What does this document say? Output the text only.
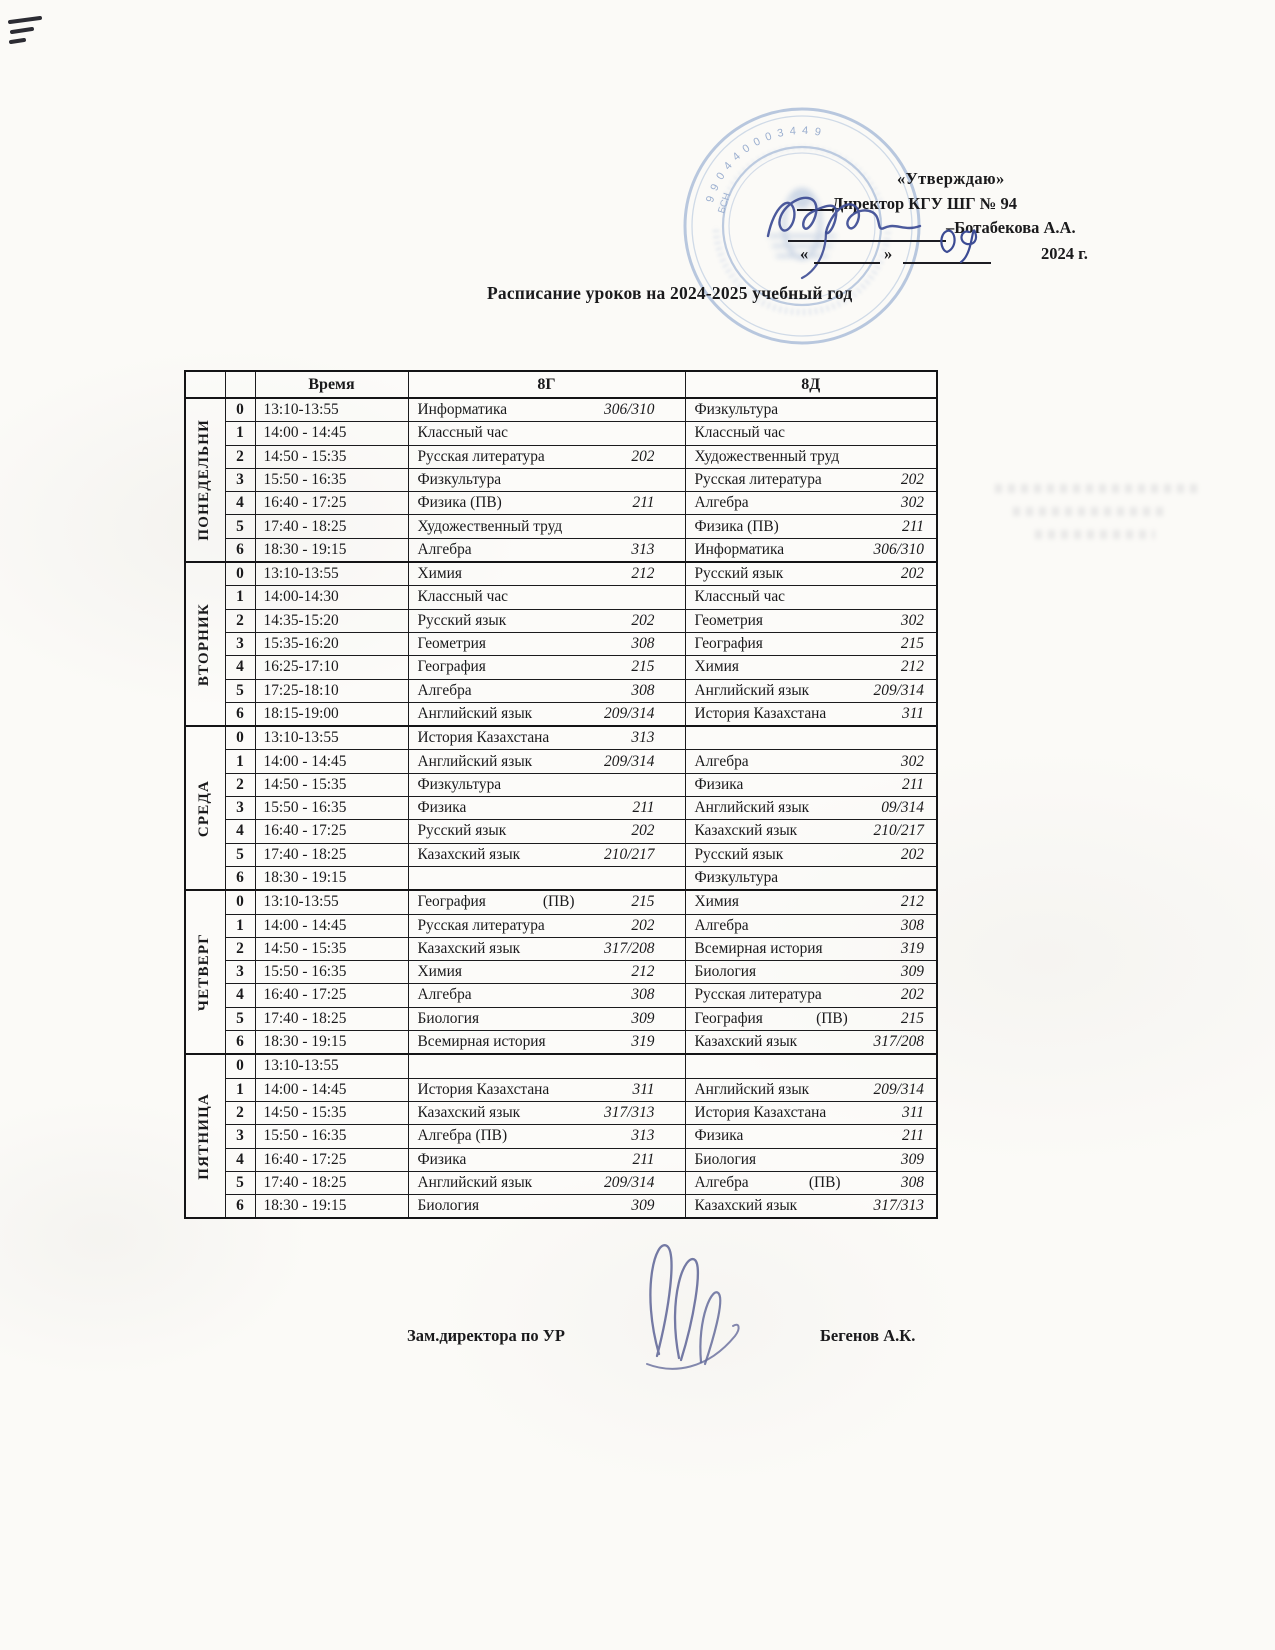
990440003449
БСН
«Утверждаю»
Директор КГУ ШГ № 94
–Ботабекова А.А.
«	»	2024 г.
Расписание уроков на 2024-2025 учебный год
		Время	8Г	8Д

ПОНЕДЕЛЬНИ	0	13:10-13:55	Информатика 306/310	Физкультура

	1	14:00 - 14:45	Классный час	Классный час

	2	14:50 - 15:35	Русская литература 202	Художественный труд

	3	15:50 - 16:35	Физкультура	Русская литература 202

	4	16:40 - 17:25	Физика (ПВ) 211	Алгебра 302

	5	17:40 - 18:25	Художественный труд	Физика (ПВ) 211

	6	18:30 - 19:15	Алгебра 313	Информатика 306/310

ВТОРНИК	0	13:10-13:55	Химия 212	Русский язык 202

	1	14:00-14:30	Классный час	Классный час

	2	14:35-15:20	Русский язык 202	Геометрия 302

	3	15:35-16:20	Геометрия 308	География 215

	4	16:25-17:10	География 215	Химия 212

	5	17:25-18:10	Алгебра 308	Английский язык 209/314

	6	18:15-19:00	Английский язык 209/314	История Казахстана 311

СРЕДА	0	13:10-13:55	История Казахстана 313	

	1	14:00 - 14:45	Английский язык 209/314	Алгебра 302

	2	14:50 - 15:35	Физкультура	Физика 211

	3	15:50 - 16:35	Физика 211	Английский язык 09/314

	4	16:40 - 17:25	Русский язык 202	Казахский язык 210/217

	5	17:40 - 18:25	Казахский язык 210/217	Русский язык 202

	6	18:30 - 19:15		Физкультура

ЧЕТВЕРГ	0	13:10-13:55	География (ПВ) 215	Химия 212

	1	14:00 - 14:45	Русская литература 202	Алгебра 308

	2	14:50 - 15:35	Казахский язык 317/208	Всемирная история 319

	3	15:50 - 16:35	Химия 212	Биология 309

	4	16:40 - 17:25	Алгебра 308	Русская литература 202

	5	17:40 - 18:25	Биология 309	География (ПВ) 215

	6	18:30 - 19:15	Всемирная история 319	Казахский язык 317/208

ПЯТНИЦА	0	13:10-13:55	

	1	14:00 - 14:45	История Казахстана 311	Английский язык 209/314

	2	14:50 - 15:35	Казахский язык 317/313	История Казахстана 311

	3	15:50 - 16:35	Алгебра (ПВ) 313	Физика 211

	4	16:40 - 17:25	Физика 211	Биология 309

	5	17:40 - 18:25	Английский язык 209/314	Алгебра (ПВ) 308

	6	18:30 - 19:15	Биология 309	Казахский язык 317/313
Зам.директора по УР	Бегенов А.К.
